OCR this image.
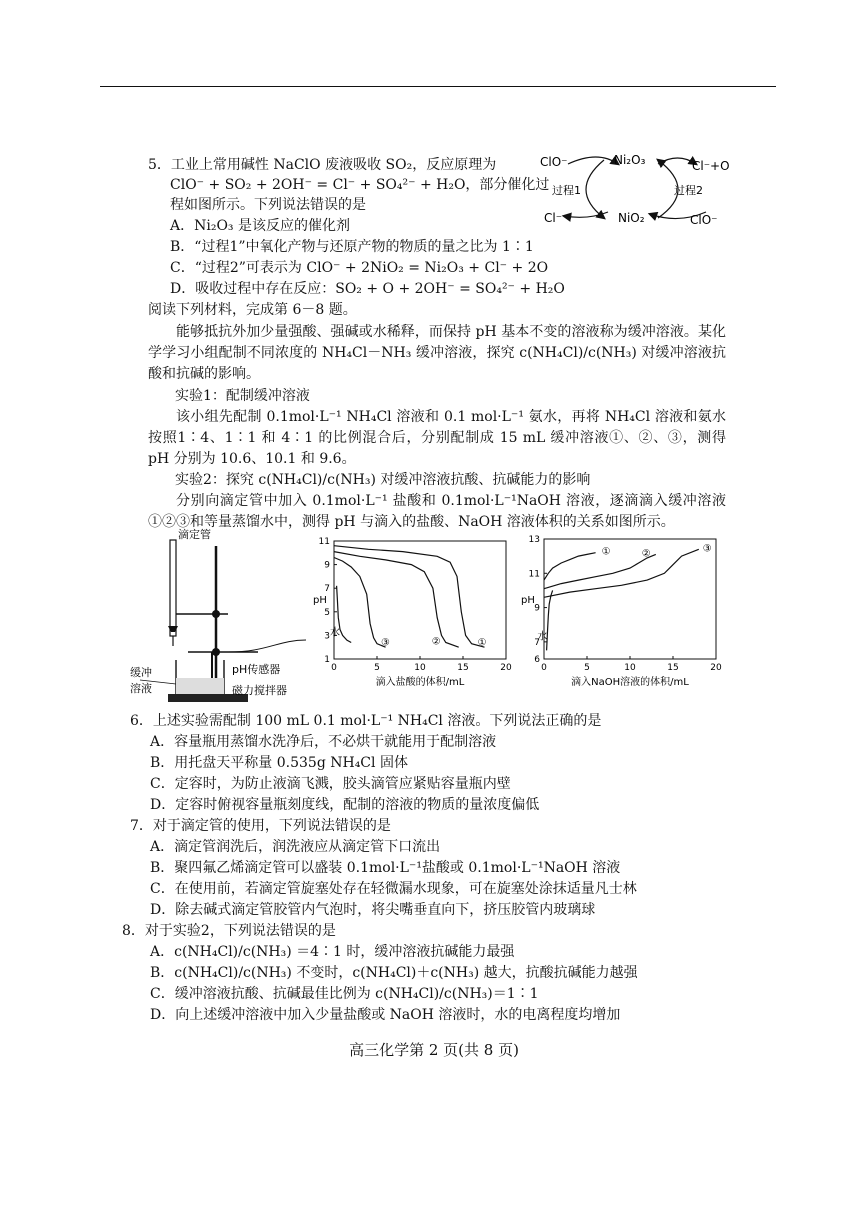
5．工业上常用碱性 NaClO 废液吸收 SO₂，反应原理为
ClO⁻ + SO₂ + 2OH⁻ = Cl⁻ + SO₄²⁻ + H₂O，部分催化过
程如图所示。下列说法错误的是
A．Ni₂O₃ 是该反应的催化剂
B．“过程1”中氧化产物与还原产物的物质的量之比为 1∶1
C．“过程2”可表示为 ClO⁻ + 2NiO₂ = Ni₂O₃ + Cl⁻ + 2O
D．吸收过程中存在反应：SO₂ + O + 2OH⁻ = SO₄²⁻ + H₂O
ClO⁻	Ni₂O₃	Cl⁻+O
Cl⁻	NiO₂	ClO⁻
过程1	过程2
阅读下列材料，完成第 6－8 题。
能够抵抗外加少量强酸、强碱或水稀释，而保持 pH 基本不变的溶液称为缓冲溶液。某化学学习小组配制不同浓度的 NH₄Cl－NH₃ 缓冲溶液，探究 c(NH₄Cl)/c(NH₃) 对缓冲溶液抗酸和抗碱的影响。
实验1：配制缓冲溶液
该小组先配制 0.1mol·L⁻¹ NH₄Cl 溶液和 0.1 mol·L⁻¹ 氨水，再将 NH₄Cl 溶液和氨水按照1∶4、1∶1 和 4∶1 的比例混合后，分别配制成 15 mL 缓冲溶液①、②、③，测得 pH 分别为 10.6、10.1 和 9.6。
实验2：探究 c(NH₄Cl)/c(NH₃) 对缓冲溶液抗酸、抗碱能力的影响
分别向滴定管中加入 0.1mol·L⁻¹ 盐酸和 0.1mol·L⁻¹NaOH 溶液，逐滴滴入缓冲溶液①②③和等量蒸馏水中，测得 pH 与滴入的盐酸、NaOH 溶液体积的关系如图所示。
滴定管
缓冲
溶液
pH传感器
磁力搅拌器
0	5	10	15	20
1
3
5
7
9
11
水
③	②	①
pH
滴入盐酸的体积/mL
0	5	10	15	20
6
7
9
11
13
水
①	②	③
pH
滴入NaOH溶液的体积/mL
6．上述实验需配制 100 mL 0.1 mol·L⁻¹ NH₄Cl 溶液。下列说法正确的是
A．容量瓶用蒸馏水洗净后，不必烘干就能用于配制溶液
B．用托盘天平称量 0.535g NH₄Cl 固体
C．定容时，为防止液滴飞溅，胶头滴管应紧贴容量瓶内壁
D．定容时俯视容量瓶刻度线，配制的溶液的物质的量浓度偏低
7．对于滴定管的使用，下列说法错误的是
A．滴定管润洗后，润洗液应从滴定管下口流出
B．聚四氟乙烯滴定管可以盛装 0.1mol·L⁻¹盐酸或 0.1mol·L⁻¹NaOH 溶液
C．在使用前，若滴定管旋塞处存在轻微漏水现象，可在旋塞处涂抹适量凡士林
D．除去碱式滴定管胶管内气泡时，将尖嘴垂直向下，挤压胶管内玻璃球
8．对于实验2，下列说法错误的是
A．c(NH₄Cl)/c(NH₃) ＝4∶1 时，缓冲溶液抗碱能力最强
B．c(NH₄Cl)/c(NH₃) 不变时，c(NH₄Cl)＋c(NH₃) 越大，抗酸抗碱能力越强
C．缓冲溶液抗酸、抗碱最佳比例为 c(NH₄Cl)/c(NH₃)＝1∶1
D．向上述缓冲溶液中加入少量盐酸或 NaOH 溶液时，水的电离程度均增加
高三化学第 2 页(共 8 页)
